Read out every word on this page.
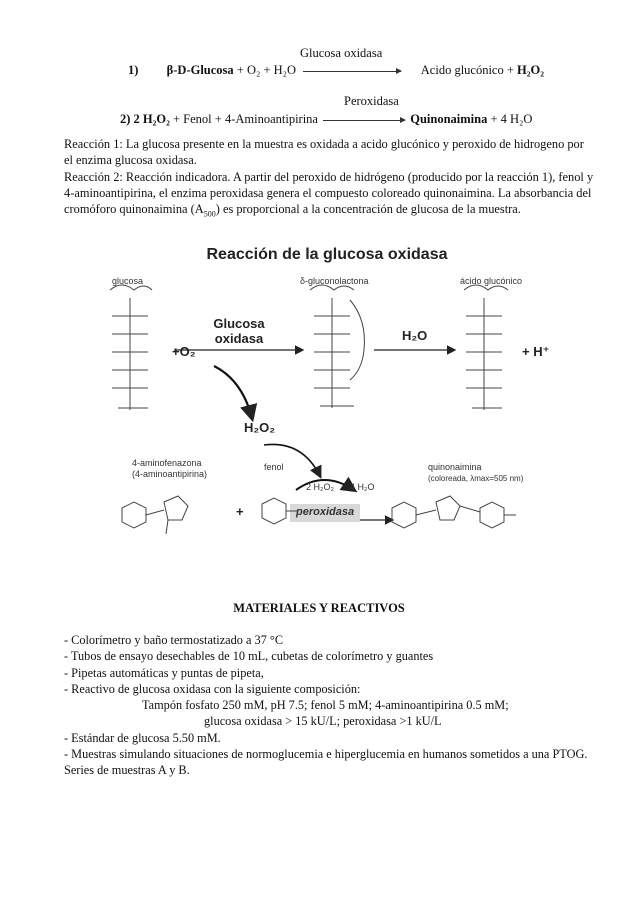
Glucosa oxidasa
1) β-D-Glucosa + O₂ + H₂O	Acido glucónico + H₂O₂
Peroxidasa
2) 2 H₂O₂ + Fenol + 4-Aminoantipirina	Quinonaimina + 4 H₂O
Reacción 1: La glucosa presente en la muestra es oxidada a acido glucónico y peroxido de hidrogeno por el enzima glucosa oxidasa.
Reacción 2: Reacción indicadora. A partir del peroxido de hidrógeno (producido por la reacción 1), fenol y 4-aminoantipirina, el enzima peroxidasa genera el compuesto coloreado quinonaimina. La absorbancia del cromóforo quinonaimina $(A_{500})$ es proporcional a la concentración de glucosa de la muestra.
Reacción de la glucosa oxidasa
glucosa	δ-gluconolactona	ácido glucónico
+O₂
Glucosa
oxidasa	H₂O
+ H⁺
H₂O₂
4-aminofenazona
(4-aminoantipirina)
fenol	quinonaimina
(coloreada, λmax=505 nm)
2 H₂O₂ 4 H₂O
peroxidasa
+
MATERIALES Y REACTIVOS
- Colorímetro y baño termostatizado a 37 °C
- Tubos de ensayo desechables de 10 mL, cubetas de colorímetro y guantes
- Pipetas automáticas y puntas de pipeta,
- Reactivo de glucosa oxidasa con la siguiente composición:
Tampón fosfato 250 mM, pH 7.5; fenol 5 mM; 4-aminoantipirina 0.5 mM;
glucosa oxidasa > 15 kU/L; peroxidasa >1 kU/L
- Estándar de glucosa 5.50 mM.
- Muestras simulando situaciones de normoglucemia e hiperglucemia en humanos sometidos a una PTOG. Series de muestras A y B.
